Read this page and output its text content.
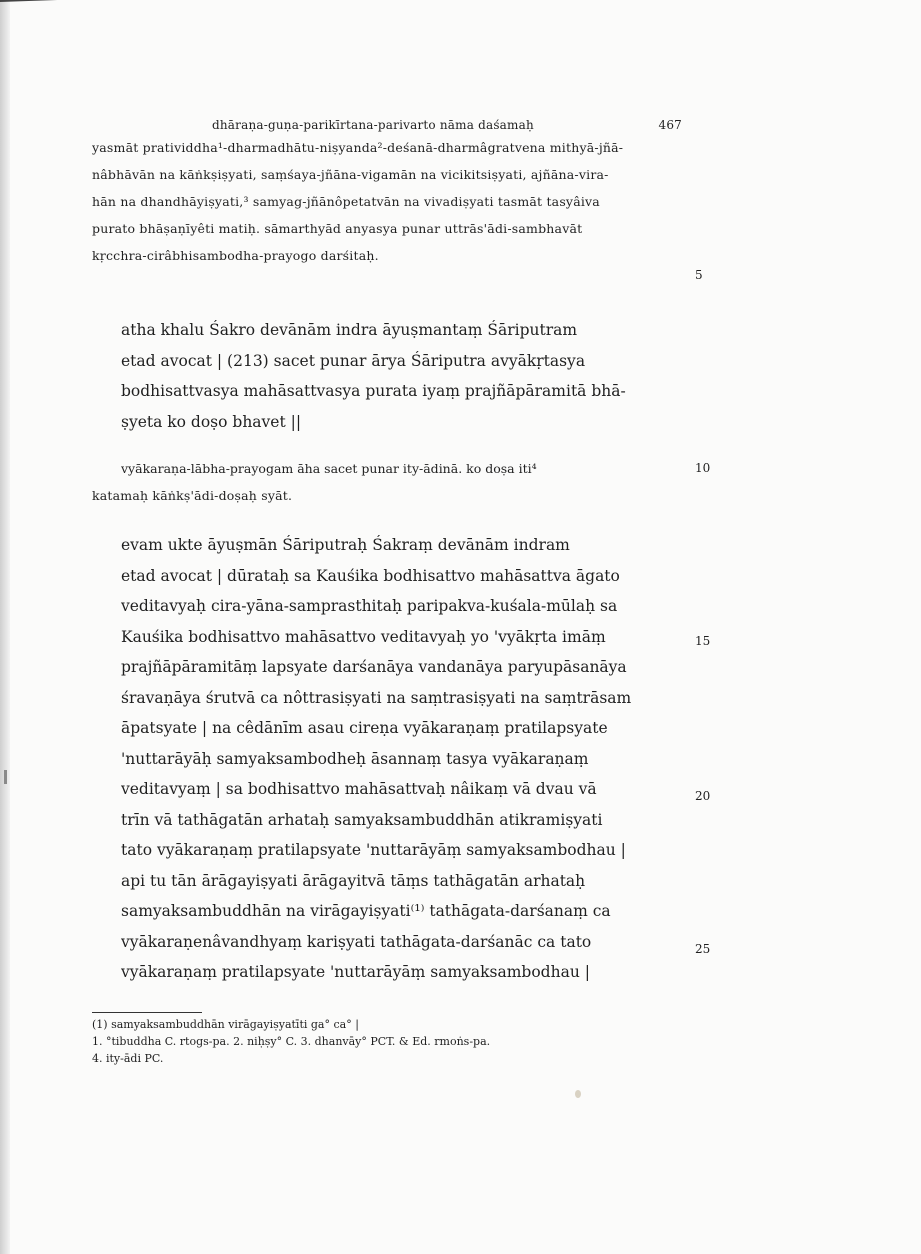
dhāraṇa-guṇa-parikīrtana-parivarto nāma daśamaḥ	467
yasmāt pratividdha¹-dharmadhātu-niṣyanda²-deśanā-dharmâgratvena mithyā-jñā-
nâbhāvān na kāṅkṣiṣyati, saṃśaya-jñāna-vigamān na vicikitsiṣyati, ajñāna-vira-
hān na dhandhāyiṣyati,³ samyag-jñānôpetatvān na vivadiṣyati tasmāt tasyâiva
purato bhāṣaṇīyêti matiḥ. sāmarthyād anyasya punar uttrās'ādi-sambhavāt
kṛcchra-cirâbhisambodha-prayogo darśitaḥ.
atha khalu Śakro devānām indra āyuṣmantaṃ Śāriputram
etad avocat | (213) sacet punar ārya Śāriputra avyākṛtasya
bodhisattvasya mahāsattvasya purata iyaṃ prajñāpāramitā bhā-
ṣyeta ko doṣo bhavet ||
vyākaraṇa-lābha-prayogam āha sacet punar ity-ādinā. ko doṣa iti⁴
katamaḥ kāṅkṣ'ādi-doṣaḥ syāt.
evam ukte āyuṣmān Śāriputraḥ Śakraṃ devānām indram
etad avocat | dūrataḥ sa Kauśika bodhisattvo mahāsattva āgato
veditavyaḥ cira-yāna-samprasthitaḥ paripakva-kuśala-mūlaḥ sa
Kauśika bodhisattvo mahāsattvo veditavyaḥ yo 'vyākṛta imāṃ
prajñāpāramitāṃ lapsyate darśanāya vandanāya paryupāsanāya
śravaṇāya śrutvā ca nôttrasiṣyati na saṃtrasiṣyati na saṃtrāsam
āpatsyate | na cêdānīm asau cireṇa vyākaraṇaṃ pratilapsyate
'nuttarāyāḥ samyaksambodheḥ āsannaṃ tasya vyākaraṇaṃ
veditavyaṃ | sa bodhisattvo mahāsattvaḥ nâikaṃ vā dvau vā
trīn vā tathāgatān arhataḥ samyaksambuddhān atikramiṣyati
tato vyākaraṇaṃ pratilapsyate 'nuttarāyāṃ samyaksambodhau |
api tu tān ārāgayiṣyati ārāgayitvā tāṃs tathāgatān arhataḥ
samyaksambuddhān na virāgayiṣyati⁽¹⁾ tathāgata-darśanaṃ ca
vyākaraṇenâvandhyaṃ kariṣyati tathāgata-darśanāc ca tato
vyākaraṇaṃ pratilapsyate 'nuttarāyāṃ samyaksambodhau |
5
10
15
20
25
(1) samyaksambuddhān virāgayiṣyatīti ga° ca° |
1. °tibuddha C. rtogs-pa. 2. niḥṣy° C. 3. dhanvāy° PCT. & Ed. rmoṅs-pa.
4. ity-ādi PC.
